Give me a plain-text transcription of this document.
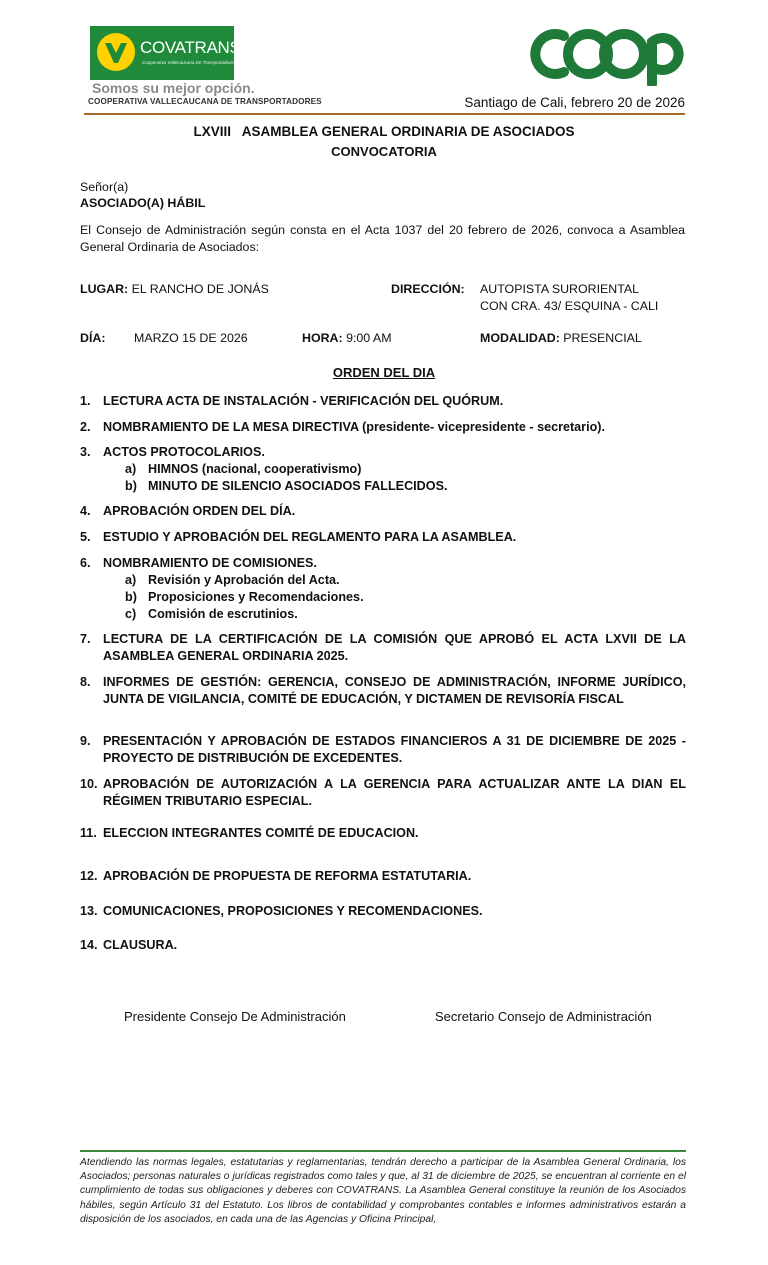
COVATRANS
Cooperativa Vallecaucana De Transportadores
Somos su mejor opción.
COOPERATIVA VALLECAUCANA DE TRANSPORTADORES	Santiago de Cali, febrero 20 de 2026
LXVIII   ASAMBLEA GENERAL ORDINARIA DE ASOCIADOS
CONVOCATORIA
Señor(a)
ASOCIADO(A) HÁBIL
El Consejo de Administración según consta en el Acta 1037 del 20 febrero de 2026, convoca a Asamblea General Ordinaria de Asociados:
LUGAR: EL RANCHO DE JONÁS	DIRECCIÓN: AUTOPISTA SURORIENTAL
CON CRA. 43/ ESQUINA - CALI
DÍA: MARZO 15 DE 2026	HORA: 9:00 AM	MODALIDAD: PRESENCIAL
ORDEN DEL DIA
1. LECTURA ACTA DE INSTALACIÓN - VERIFICACIÓN DEL QUÓRUM.
2. NOMBRAMIENTO DE LA MESA DIRECTIVA (presidente- vicepresidente - secretario).
3. ACTOS PROTOCOLARIOS.
a) HIMNOS (nacional, cooperativismo)
b) MINUTO DE SILENCIO ASOCIADOS FALLECIDOS.
4. APROBACIÓN ORDEN DEL DÍA.
5. ESTUDIO Y APROBACIÓN DEL REGLAMENTO PARA LA ASAMBLEA.
6. NOMBRAMIENTO DE COMISIONES.
a) Revisión y Aprobación del Acta.
b) Proposiciones y Recomendaciones.
c) Comisión de escrutinios.
7. LECTURA DE LA CERTIFICACIÓN DE LA COMISIÓN QUE APROBÓ EL ACTA LXVII DE LA ASAMBLEA GENERAL ORDINARIA 2025.
8. INFORMES DE GESTIÓN: GERENCIA, CONSEJO DE ADMINISTRACIÓN, INFORME JURÍDICO, JUNTA DE VIGILANCIA, COMITÉ DE EDUCACIÓN, Y DICTAMEN DE REVISORÍA FISCAL
9. PRESENTACIÓN Y APROBACIÓN DE ESTADOS FINANCIEROS A 31 DE DICIEMBRE DE 2025 - PROYECTO DE DISTRIBUCIÓN DE EXCEDENTES.
10. APROBACIÓN DE AUTORIZACIÓN A LA GERENCIA PARA ACTUALIZAR ANTE LA DIAN EL RÉGIMEN TRIBUTARIO ESPECIAL.
11. ELECCION INTEGRANTES COMITÉ DE EDUCACION.
12. APROBACIÓN DE PROPUESTA DE REFORMA ESTATUTARIA.
13. COMUNICACIONES, PROPOSICIONES Y RECOMENDACIONES.
14. CLAUSURA.
Presidente Consejo De Administración	Secretario Consejo de Administración
Atendiendo las normas legales, estatutarias y reglamentarias, tendrán derecho a participar de la Asamblea General Ordinaria, los Asociados; personas naturales o jurídicas registrados como tales y que, al 31 de diciembre de 2025, se encuentran al corriente en el cumplimiento de todas sus obligaciones y deberes con COVATRANS. La Asamblea General constituye la reunión de los Asociados hábiles, según Artículo 31 del Estatuto. Los libros de contabilidad y comprobantes contables e informes administrativos estarán a disposición de los asociados, en cada una de las Agencias y Oficina Principal,
